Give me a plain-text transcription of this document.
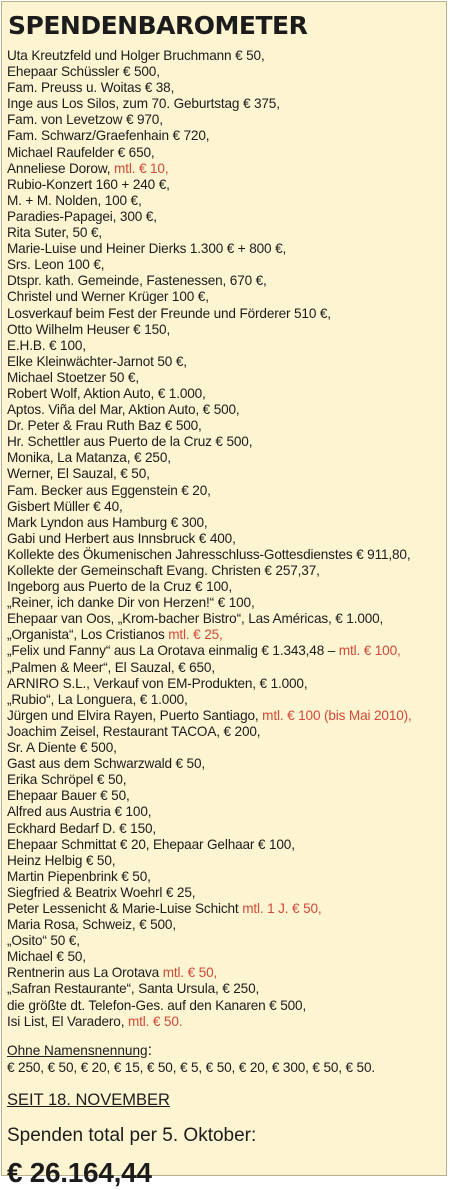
SPENDENBAROMETER
Uta Kreutzfeld und Holger Bruchmann € 50,
Ehepaar Schüssler € 500,
Fam. Preuss u. Woitas € 38,
Inge aus Los Silos, zum 70. Geburtstag € 375,
Fam. von Levetzow € 970,
Fam. Schwarz/Graefenhain € 720,
Michael Raufelder € 650,
Anneliese Dorow, mtl. € 10,
Rubio-Konzert 160 + 240 €,
M. + M. Nolden, 100 €,
Paradies-Papagei, 300 €,
Rita Suter, 50 €,
Marie-Luise und Heiner Dierks 1.300 € + 800 €,
Srs. Leon 100 €,
Dtspr. kath. Gemeinde, Fastenessen, 670 €,
Christel und Werner Krüger 100 €,
Losverkauf beim Fest der Freunde und Förderer 510 €,
Otto Wilhelm Heuser € 150,
E.H.B. € 100,
Elke Kleinwächter-Jarnot 50 €,
Michael Stoetzer 50 €,
Robert Wolf, Aktion Auto, € 1.000,
Aptos. Viña del Mar, Aktion Auto, € 500,
Dr. Peter & Frau Ruth Baz € 500,
Hr. Schettler aus Puerto de la Cruz € 500,
Monika, La Matanza, € 250,
Werner, El Sauzal, € 50,
Fam. Becker aus Eggenstein € 20,
Gisbert Müller € 40,
Mark Lyndon aus Hamburg € 300,
Gabi und Herbert aus Innsbruck € 400,
Kollekte des Ökumenischen Jahresschluss-Gottesdienstes € 911,80,
Kollekte der Gemeinschaft Evang. Christen € 257,37,
Ingeborg aus Puerto de la Cruz € 100,
„Reiner, ich danke Dir von Herzen!“ € 100,
Ehepaar van Oos, „Krom-bacher Bistro“, Las Américas, € 1.000,
„Organista“, Los Cristianos mtl. € 25,
„Felix und Fanny“ aus La Orotava einmalig € 1.343,48 – mtl. € 100,
„Palmen & Meer“, El Sauzal, € 650,
ARNIRO S.L., Verkauf von EM-Produkten, € 1.000,
„Rubio“, La Longuera, € 1.000,
Jürgen und Elvira Rayen, Puerto Santiago, mtl. € 100 (bis Mai 2010),
Joachim Zeisel, Restaurant TACOA, € 200,
Sr. A Diente € 500,
Gast aus dem Schwarzwald € 50,
Erika Schröpel € 50,
Ehepaar Bauer € 50,
Alfred aus Austria € 100,
Eckhard Bedarf D. € 150,
Ehepaar Schmittat € 20, Ehepaar Gelhaar € 100,
Heinz Helbig € 50,
Martin Piepenbrink € 50,
Siegfried & Beatrix Woehrl € 25,
Peter Lessenicht & Marie-Luise Schicht mtl. 1 J. € 50,
Maria Rosa, Schweiz, € 500,
„Osito“ 50 €,
Michael € 50,
Rentnerin aus La Orotava mtl. € 50,
„Safran Restaurante“, Santa Ursula, € 250,
die größte dt. Telefon-Ges. auf den Kanaren € 500,
Isi List, El Varadero, mtl. € 50.
Ohne Namensnennung:
€ 250, € 50, € 20, € 15, € 50, € 5, € 50, € 20, € 300, € 50, € 50.
SEIT 18. NOVEMBER
Spenden total per 5. Oktober:
€ 26.164,44
